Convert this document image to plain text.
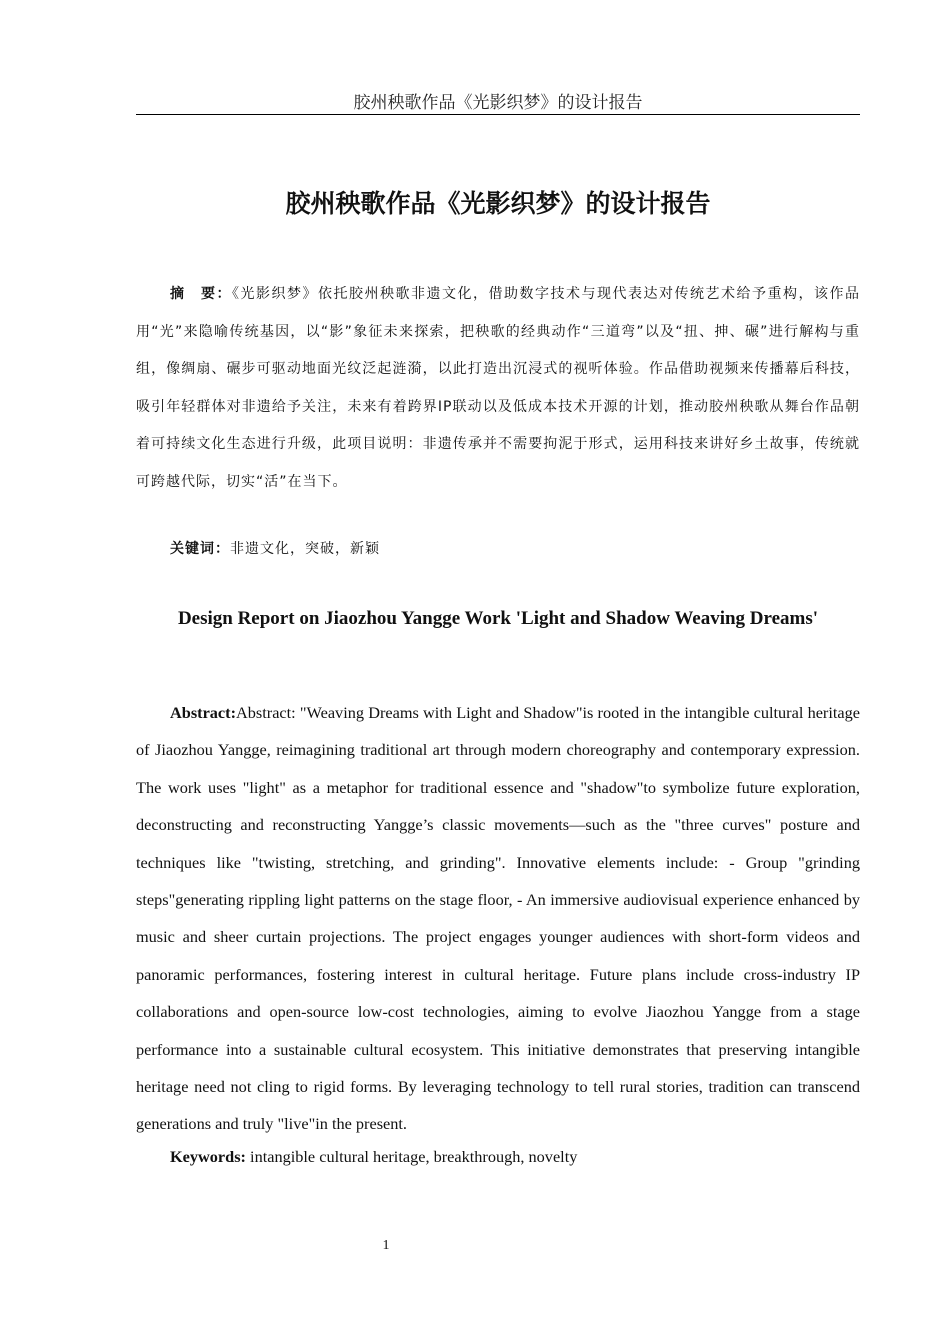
胶州秧歌作品《光影织梦》的设计报告
胶州秧歌作品《光影织梦》的设计报告

摘　要：《光影织梦》依托胶州秧歌非遗文化，借助数字技术与现代表达对传统艺术给予重构，该作品用“光”来隐喻传统基因，以“影”象征未来探索，把秧歌的经典动作“三道弯”以及“扭、抻、碾”进行解构与重组，像绸扇、碾步可驱动地面光纹泛起涟漪，以此打造出沉浸式的视听体验。作品借助视频来传播幕后科技，吸引年轻群体对非遗给予关注，未来有着跨界IP联动以及低成本技术开源的计划，推动胶州秧歌从舞台作品朝着可持续文化生态进行升级，此项目说明：非遗传承并不需要拘泥于形式，运用科技来讲好乡土故事，传统就可跨越代际，切实“活”在当下。

关键词：非遗文化，突破，新颖

Design Report on Jiaozhou Yangge Work 'Light and Shadow Weaving Dreams'

Abstract:Abstract: "Weaving Dreams with Light and Shadow"is rooted in the intangible cultural heritage of Jiaozhou Yangge, reimagining traditional art through modern choreography and contemporary expression. The work uses "light" as a metaphor for traditional essence and "shadow"to symbolize future exploration, deconstructing and reconstructing Yangge’s classic movements—such as the "three curves" posture and techniques like "twisting, stretching, and grinding". Innovative elements include: - Group "grinding steps"generating rippling light patterns on the stage floor, - An immersive audiovisual experience enhanced by music and sheer curtain projections. The project engages younger audiences with short-form videos and panoramic performances, fostering interest in cultural heritage. Future plans include cross-industry IP collaborations and open-source low-cost technologies, aiming to evolve Jiaozhou Yangge from a stage performance into a sustainable cultural ecosystem. This initiative demonstrates that preserving intangible heritage need not cling to rigid forms. By leveraging technology to tell rural stories, tradition can transcend generations and truly "live"in the present.

Keywords: intangible cultural heritage, breakthrough, novelty

1
